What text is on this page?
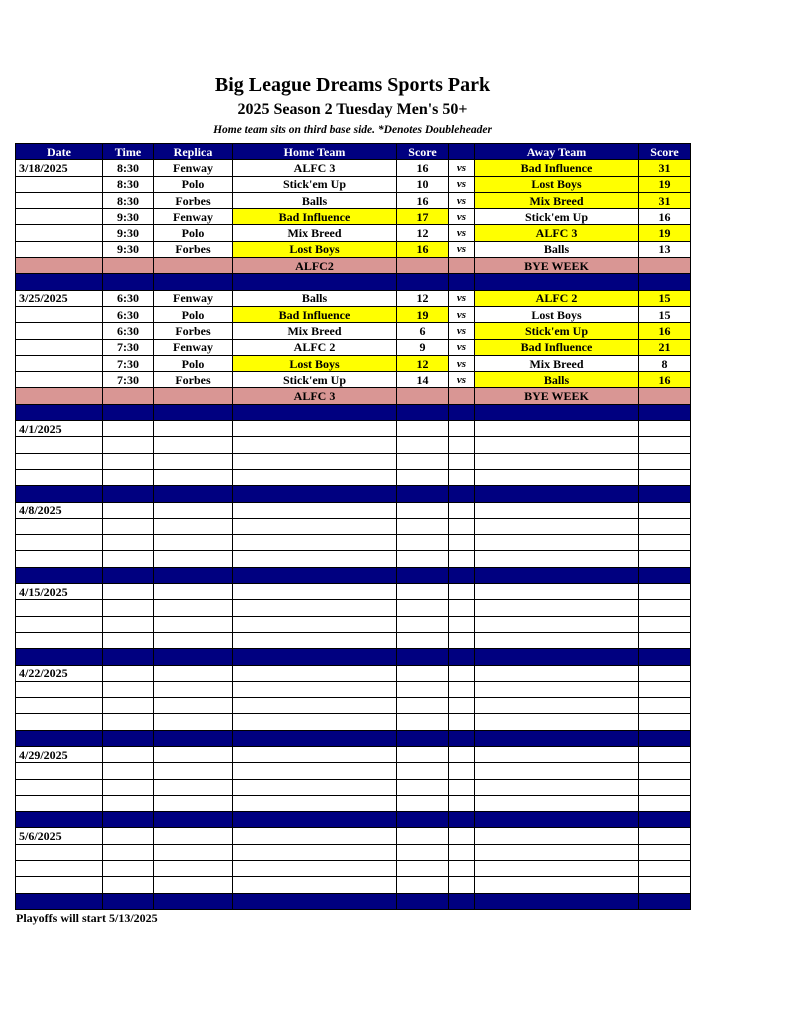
Big League Dreams Sports Park
2025 Season 2 Tuesday Men's 50+
Home team sits on third base side. *Denotes Doubleheader
Date	Time	Replica	Home Team	Score		Away Team	Score
3/18/2025	8:30	Fenway	ALFC 3	16	vs	Bad Influence	31
	8:30	Polo	Stick'em Up	10	vs	Lost Boys	19
	8:30	Forbes	Balls	16	vs	Mix Breed	31
	9:30	Fenway	Bad Influence	17	vs	Stick'em Up	16
	9:30	Polo	Mix Breed	12	vs	ALFC 3	19
	9:30	Forbes	Lost Boys	16	vs	Balls	13
			ALFC2			BYE WEEK	

3/25/2025	6:30	Fenway	Balls	12	vs	ALFC 2	15
	6:30	Polo	Bad Influence	19	vs	Lost Boys	15
	6:30	Forbes	Mix Breed	6	vs	Stick'em Up	16
	7:30	Fenway	ALFC 2	9	vs	Bad Influence	21
	7:30	Polo	Lost Boys	12	vs	Mix Breed	8
	7:30	Forbes	Stick'em Up	14	vs	Balls	16
			ALFC 3			BYE WEEK	

4/1/2025							

4/8/2025							

4/15/2025							

4/22/2025							

4/29/2025							

5/6/2025							

Playoffs will start 5/13/2025
